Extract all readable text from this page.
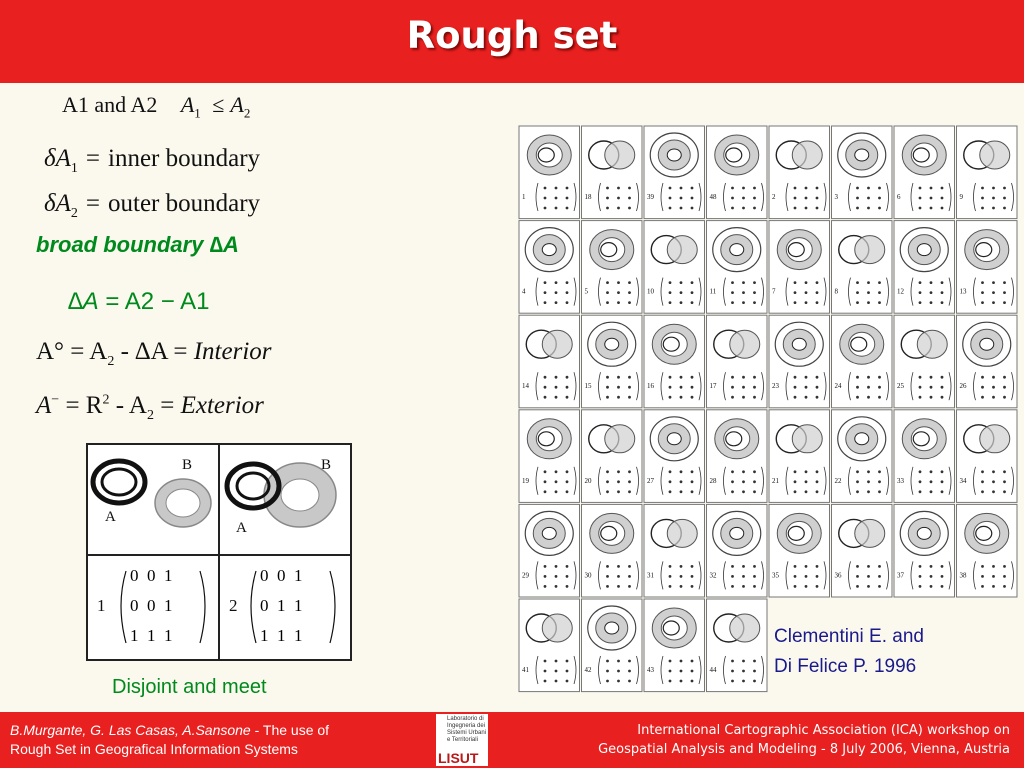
Rough set
A1 and A2 $A_1 \le A_2$
$\delta A_1$ = inner boundary
$\delta A_2$ = outer boundary
broad boundary ∆A
∆A = A2 − A1
$A^\circ = A_2 - \Delta A$ = Interior
$A^- = R^2 - A_2$ = Exterior
A
B
A
B
1	2
0  0  1
0  0  1
1  1  1
0  0  1
0  1  1
1  1  1
Disjoint and meet
1	18	39	48	2	3	6	9
4	5	10	11	7	8	12	13
14	15	16	17	23	24	25	26
19	20	27	28	21	22	33	34
29	30	31	32	35	36	37	38
41	42	43	44
Clementini E. and
Di Felice P. 1996
B.Murgante, G. Las Casas, A.Sansone - The use of
Rough Set in Geografical Information Systems
International Cartographic Association (ICA) workshop on
Geospatial Analysis and Modeling - 8 July 2006, Vienna, Austria
Laboratorio di Ingegneria dei Sistemi Urbani e Territoriali
LISUT
